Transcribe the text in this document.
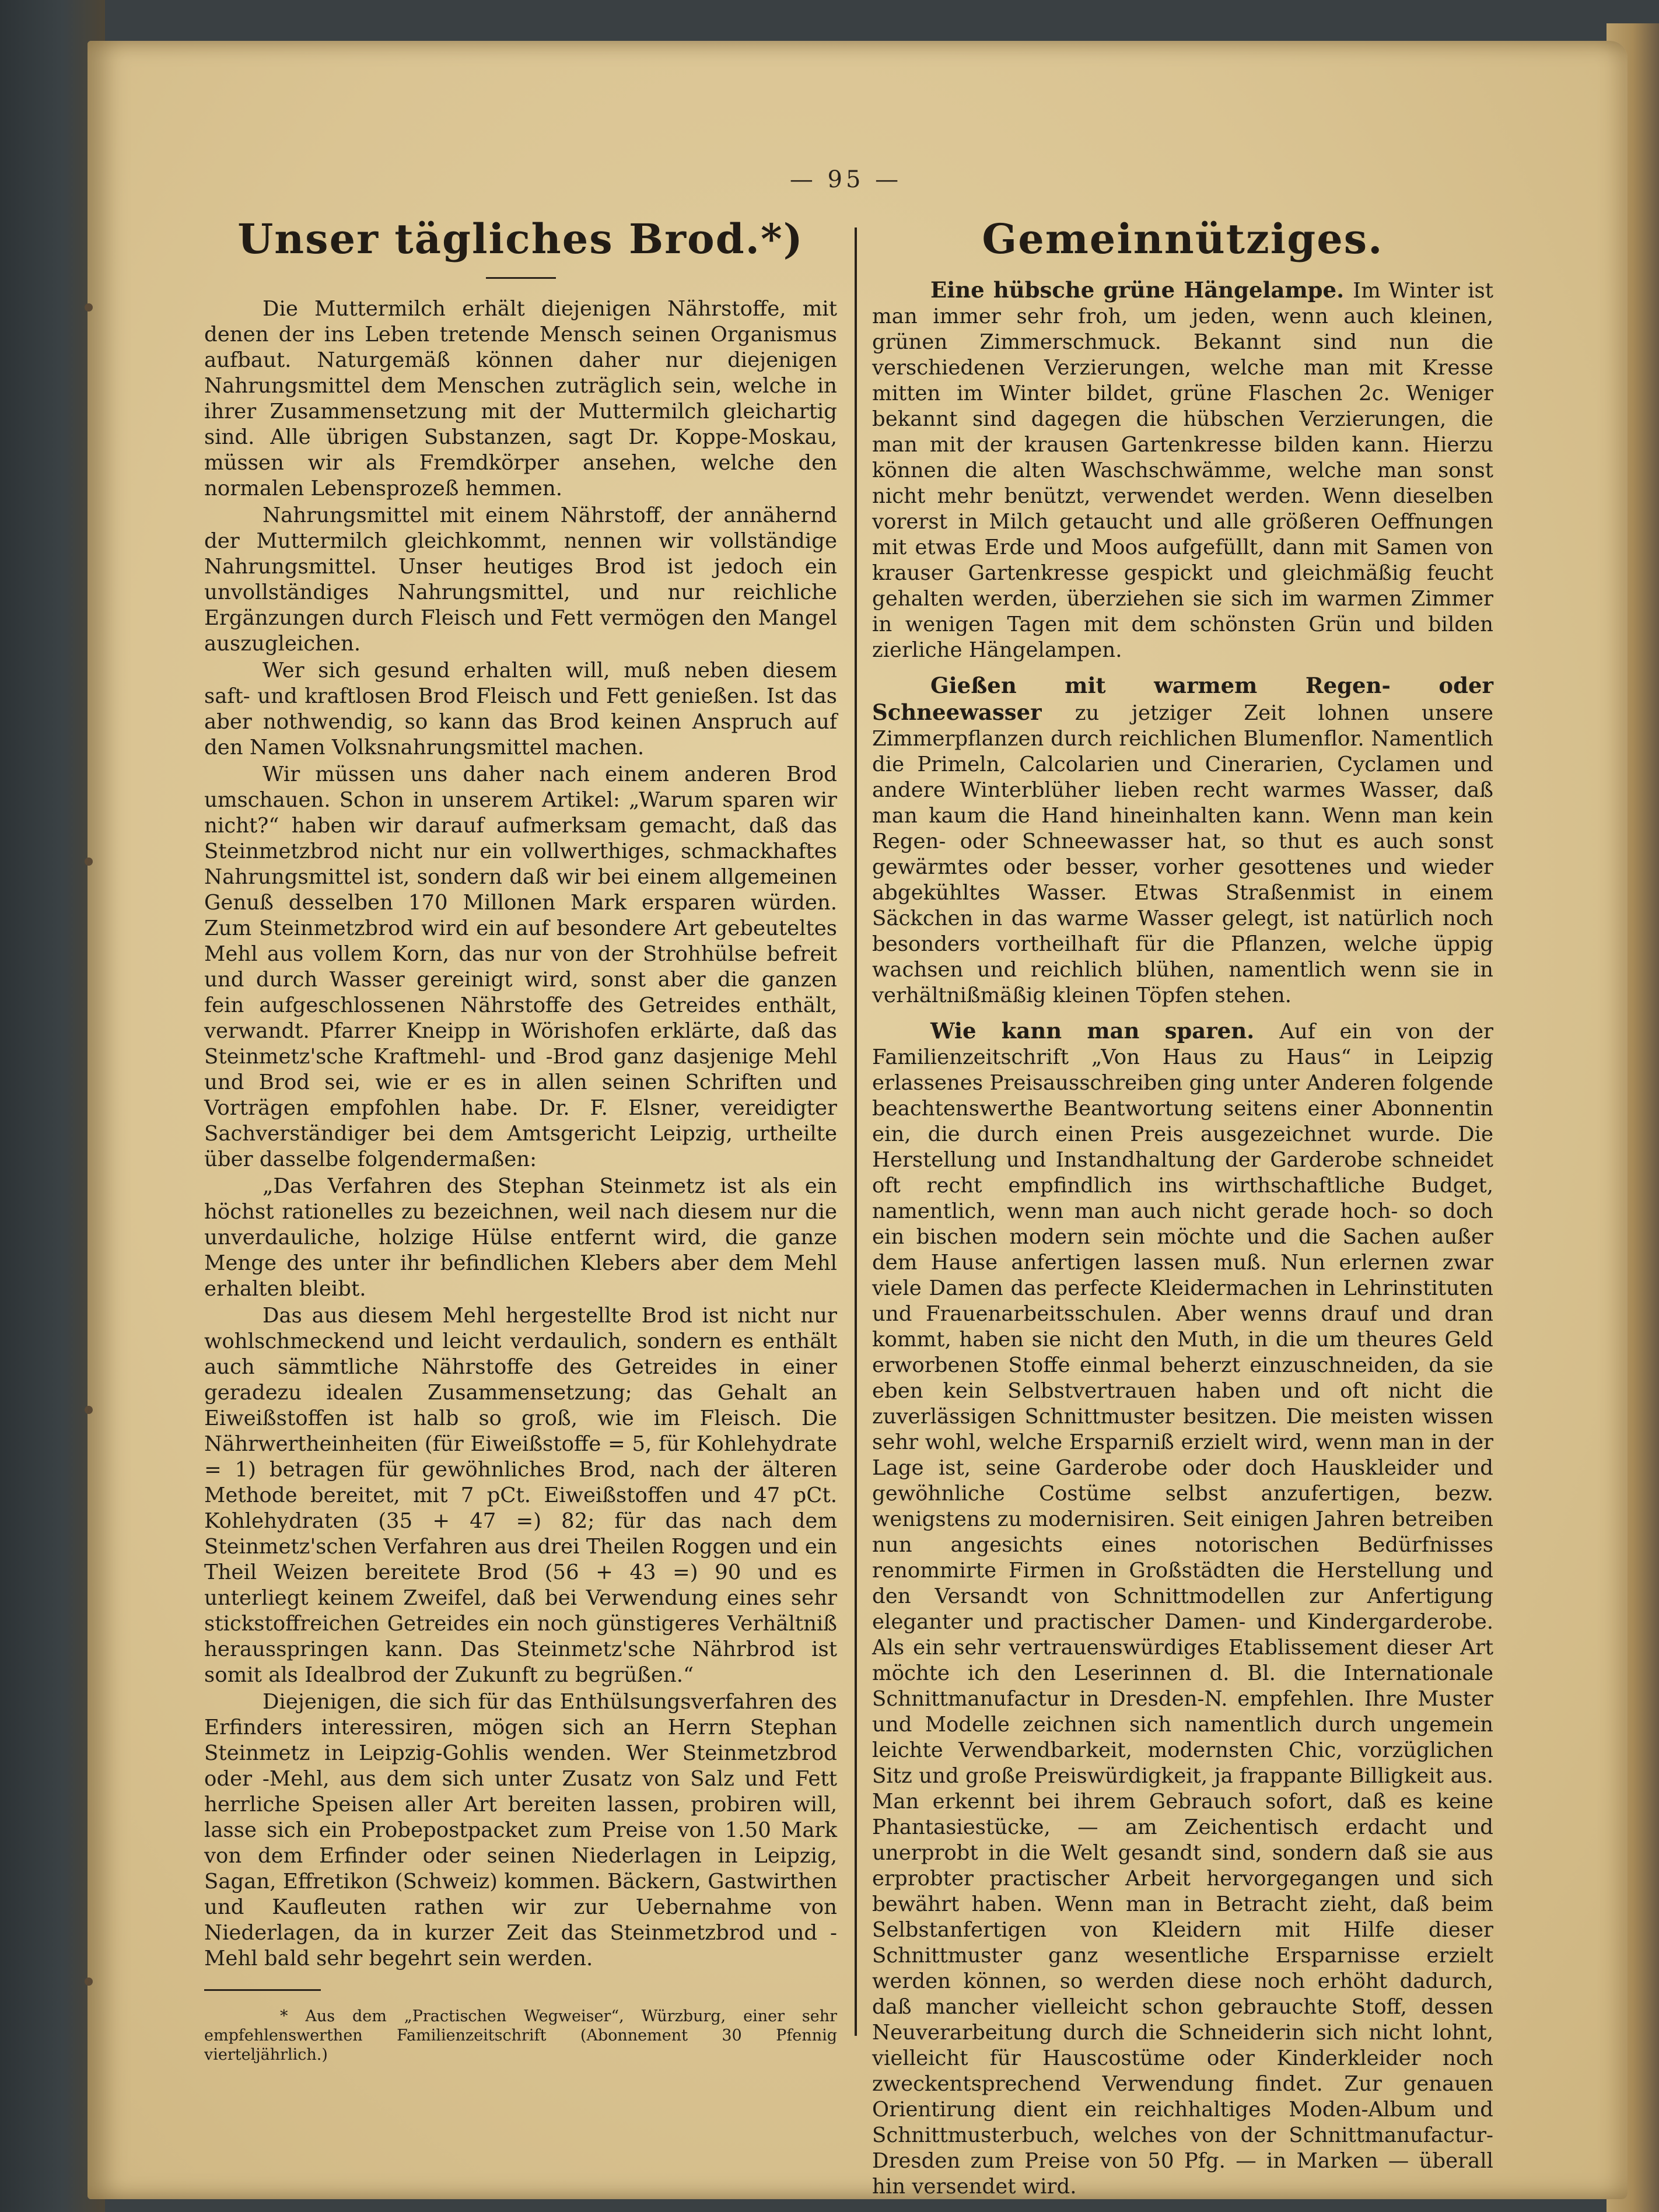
— 95 —
Unser tägliches Brod.*)

Die Muttermilch erhält diejenigen Nährstoffe, mit denen der ins Leben tretende Mensch seinen Organismus aufbaut. Naturgemäß können daher nur diejenigen Nahrungsmittel dem Menschen zuträglich sein, welche in ihrer Zusammensetzung mit der Muttermilch gleichartig sind. Alle übrigen Substanzen, sagt Dr. Koppe-Moskau, müssen wir als Fremdkörper ansehen, welche den normalen Lebensprozeß hemmen.

Nahrungsmittel mit einem Nährstoff, der annähernd der Muttermilch gleichkommt, nennen wir vollständige Nahrungsmittel. Unser heutiges Brod ist jedoch ein unvollständiges Nahrungsmittel, und nur reichliche Ergänzungen durch Fleisch und Fett vermögen den Mangel auszugleichen.

Wer sich gesund erhalten will, muß neben diesem saft- und kraftlosen Brod Fleisch und Fett genießen. Ist das aber nothwendig, so kann das Brod keinen Anspruch auf den Namen Volksnahrungsmittel machen.

Wir müssen uns daher nach einem anderen Brod umschauen. Schon in unserem Artikel: „Warum sparen wir nicht?“ haben wir darauf aufmerksam gemacht, daß das Steinmetzbrod nicht nur ein vollwerthiges, schmackhaftes Nahrungsmittel ist, sondern daß wir bei einem allgemeinen Genuß desselben 170 Millonen Mark ersparen würden. Zum Steinmetzbrod wird ein auf besondere Art gebeuteltes Mehl aus vollem Korn, das nur von der Strohhülse befreit und durch Wasser gereinigt wird, sonst aber die ganzen fein aufgeschlossenen Nährstoffe des Getreides enthält, verwandt. Pfarrer Kneipp in Wörishofen erklärte, daß das Steinmetz'sche Kraftmehl- und -Brod ganz dasjenige Mehl und Brod sei, wie er es in allen seinen Schriften und Vorträgen empfohlen habe. Dr. F. Elsner, vereidigter Sachverständiger bei dem Amtsgericht Leipzig, urtheilte über dasselbe folgendermaßen:

„Das Verfahren des Stephan Steinmetz ist als ein höchst rationelles zu bezeichnen, weil nach diesem nur die unverdauliche, holzige Hülse entfernt wird, die ganze Menge des unter ihr befindlichen Klebers aber dem Mehl erhalten bleibt.

Das aus diesem Mehl hergestellte Brod ist nicht nur wohlschmeckend und leicht verdaulich, sondern es enthält auch sämmtliche Nährstoffe des Getreides in einer geradezu idealen Zusammensetzung; das Gehalt an Eiweißstoffen ist halb so groß, wie im Fleisch. Die Nährwertheinheiten (für Eiweißstoffe = 5, für Kohlehydrate = 1) betragen für gewöhnliches Brod, nach der älteren Methode bereitet, mit 7 pCt. Eiweißstoffen und 47 pCt. Kohlehydraten (35 + 47 =) 82; für das nach dem Steinmetz'schen Verfahren aus drei Theilen Roggen und ein Theil Weizen bereitete Brod (56 + 43 =) 90 und es unterliegt keinem Zweifel, daß bei Verwendung eines sehr stickstoffreichen Getreides ein noch günstigeres Verhältniß herausspringen kann. Das Steinmetz'sche Nährbrod ist somit als Idealbrod der Zukunft zu begrüßen.“

Diejenigen, die sich für das Enthülsungsverfahren des Erfinders interessiren, mögen sich an Herrn Stephan Steinmetz in Leipzig-Gohlis wenden. Wer Steinmetzbrod oder -Mehl, aus dem sich unter Zusatz von Salz und Fett herrliche Speisen aller Art bereiten lassen, probiren will, lasse sich ein Probepostpacket zum Preise von 1.50 Mark von dem Erfinder oder seinen Niederlagen in Leipzig, Sagan, Effretikon (Schweiz) kommen. Bäckern, Gastwirthen und Kaufleuten rathen wir zur Uebernahme von Niederlagen, da in kurzer Zeit das Steinmetzbrod und -Mehl bald sehr begehrt sein werden.

* Aus dem „Practischen Wegweiser“, Würzburg, einer sehr empfehlenswerthen Familienzeitschrift (Abonnement 30 Pfennig vierteljährlich.)

Gemeinnütziges.

Eine hübsche grüne Hängelampe. Im Winter ist man immer sehr froh, um jeden, wenn auch kleinen, grünen Zimmerschmuck. Bekannt sind nun die verschiedenen Verzierungen, welche man mit Kresse mitten im Winter bildet, grüne Flaschen 2c. Weniger bekannt sind dagegen die hübschen Verzierungen, die man mit der krausen Gartenkresse bilden kann. Hierzu können die alten Waschschwämme, welche man sonst nicht mehr benützt, verwendet werden. Wenn dieselben vorerst in Milch getaucht und alle größeren Oeffnungen mit etwas Erde und Moos aufgefüllt, dann mit Samen von krauser Gartenkresse gespickt und gleichmäßig feucht gehalten werden, überziehen sie sich im warmen Zimmer in wenigen Tagen mit dem schönsten Grün und bilden zierliche Hängelampen.

Gießen mit warmem Regen- oder Schneewasser zu jetziger Zeit lohnen unsere Zimmerpflanzen durch reichlichen Blumenflor. Namentlich die Primeln, Calcolarien und Cinerarien, Cyclamen und andere Winterblüher lieben recht warmes Wasser, daß man kaum die Hand hineinhalten kann. Wenn man kein Regen- oder Schneewasser hat, so thut es auch sonst gewärmtes oder besser, vorher gesottenes und wieder abgekühltes Wasser. Etwas Straßenmist in einem Säckchen in das warme Wasser gelegt, ist natürlich noch besonders vortheilhaft für die Pflanzen, welche üppig wachsen und reichlich blühen, namentlich wenn sie in verhältnißmäßig kleinen Töpfen stehen.

Wie kann man sparen. Auf ein von der Familienzeitschrift „Von Haus zu Haus“ in Leipzig erlassenes Preisausschreiben ging unter Anderen folgende beachtenswerthe Beantwortung seitens einer Abonnentin ein, die durch einen Preis ausgezeichnet wurde. Die Herstellung und Instandhaltung der Garderobe schneidet oft recht empfindlich ins wirthschaftliche Budget, namentlich, wenn man auch nicht gerade hoch- so doch ein bischen modern sein möchte und die Sachen außer dem Hause anfertigen lassen muß. Nun erlernen zwar viele Damen das perfecte Kleidermachen in Lehrinstituten und Frauenarbeitsschulen. Aber wenns drauf und dran kommt, haben sie nicht den Muth, in die um theures Geld erworbenen Stoffe einmal beherzt einzuschneiden, da sie eben kein Selbstvertrauen haben und oft nicht die zuverlässigen Schnittmuster besitzen. Die meisten wissen sehr wohl, welche Ersparniß erzielt wird, wenn man in der Lage ist, seine Garderobe oder doch Hauskleider und gewöhnliche Costüme selbst anzufertigen, bezw. wenigstens zu modernisiren. Seit einigen Jahren betreiben nun angesichts eines notorischen Bedürfnisses renommirte Firmen in Großstädten die Herstellung und den Versandt von Schnittmodellen zur Anfertigung eleganter und practischer Damen- und Kindergarderobe. Als ein sehr vertrauenswürdiges Etablissement dieser Art möchte ich den Leserinnen d. Bl. die Internationale Schnittmanufactur in Dresden-N. empfehlen. Ihre Muster und Modelle zeichnen sich namentlich durch ungemein leichte Verwendbarkeit, modernsten Chic, vorzüglichen Sitz und große Preiswürdigkeit, ja frappante Billigkeit aus. Man erkennt bei ihrem Gebrauch sofort, daß es keine Phantasiestücke, — am Zeichentisch erdacht und unerprobt in die Welt gesandt sind, sondern daß sie aus erprobter practischer Arbeit hervorgegangen und sich bewährt haben. Wenn man in Betracht zieht, daß beim Selbstanfertigen von Kleidern mit Hilfe dieser Schnittmuster ganz wesentliche Ersparnisse erzielt werden können, so werden diese noch erhöht dadurch, daß mancher vielleicht schon gebrauchte Stoff, dessen Neuverarbeitung durch die Schneiderin sich nicht lohnt, vielleicht für Hauscostüme oder Kinderkleider noch zweckentsprechend Verwendung findet. Zur genauen Orientirung dient ein reichhaltiges Moden-Album und Schnittmusterbuch, welches von der Schnittmanufactur-Dresden zum Preise von 50 Pfg. — in Marken — überall hin versendet wird.
